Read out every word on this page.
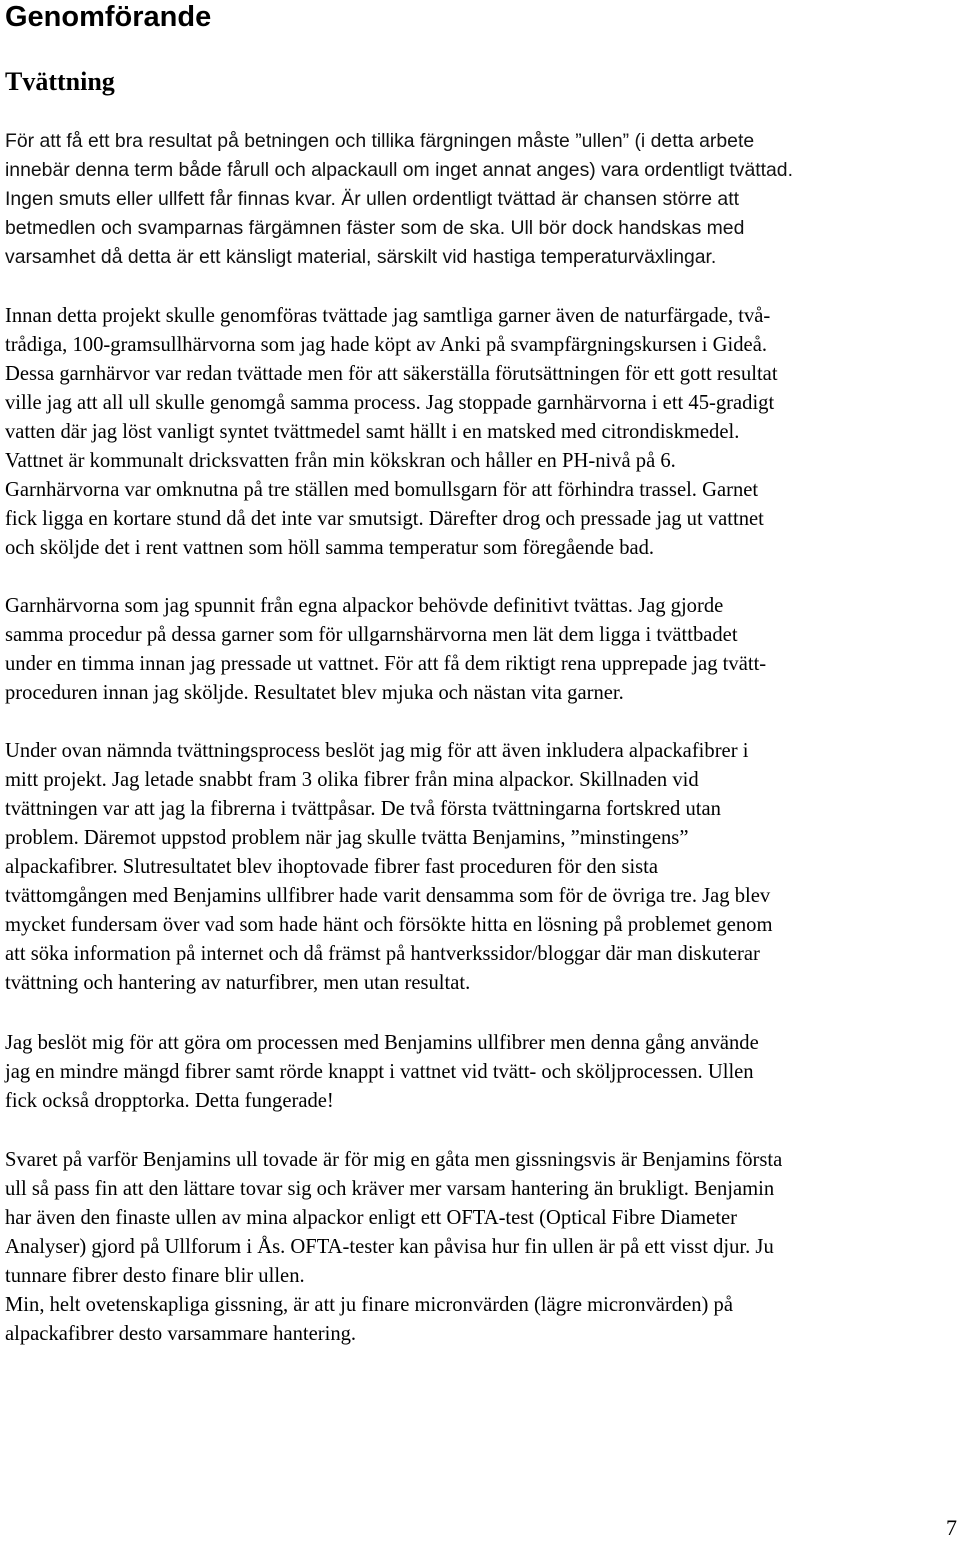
Genomförande
Tvättning

För att få ett bra resultat på betningen och tillika färgningen måste ”ullen” (i detta arbete
innebär denna term både fårull och alpackaull om inget annat anges) vara ordentligt tvättad.
Ingen smuts eller ullfett får finnas kvar. Är ullen ordentligt tvättad är chansen större att
betmedlen och svamparnas färgämnen fäster som de ska. Ull bör dock handskas med
varsamhet då detta är ett känsligt material, särskilt vid hastiga temperaturväxlingar.

Innan detta projekt skulle genomföras tvättade jag samtliga garner även de naturfärgade, två-
trådiga, 100-gramsullhärvorna som jag hade köpt av Anki på svampfärgningskursen i Gideå.
Dessa garnhärvor var redan tvättade men för att säkerställa förutsättningen för ett gott resultat
ville jag att all ull skulle genomgå samma process. Jag stoppade garnhärvorna i ett 45-gradigt
vatten där jag löst vanligt syntet tvättmedel samt hällt i en matsked med citrondiskmedel.
Vattnet är kommunalt dricksvatten från min kökskran och håller en PH-nivå på 6.
Garnhärvorna var omknutna på tre ställen med bomullsgarn för att förhindra trassel. Garnet
fick ligga en kortare stund då det inte var smutsigt. Därefter drog och pressade jag ut vattnet
och sköljde det i rent vattnen som höll samma temperatur som föregående bad.

Garnhärvorna som jag spunnit från egna alpackor behövde definitivt tvättas. Jag gjorde
samma procedur på dessa garner som för ullgarnshärvorna men lät dem ligga i tvättbadet
under en timma innan jag pressade ut vattnet. För att få dem riktigt rena upprepade jag tvätt-
proceduren innan jag sköljde. Resultatet blev mjuka och nästan vita garner.

Under ovan nämnda tvättningsprocess beslöt jag mig för att även inkludera alpackafibrer i
mitt projekt. Jag letade snabbt fram 3 olika fibrer från mina alpackor. Skillnaden vid
tvättningen var att jag la fibrerna i tvättpåsar. De två första tvättningarna fortskred utan
problem. Däremot uppstod problem när jag skulle tvätta Benjamins, ”minstingens”
alpackafibrer. Slutresultatet blev ihoptovade fibrer fast proceduren för den sista
tvättomgången med Benjamins ullfibrer hade varit densamma som för de övriga tre. Jag blev
mycket fundersam över vad som hade hänt och försökte hitta en lösning på problemet genom
att söka information på internet och då främst på hantverkssidor/bloggar där man diskuterar
tvättning och hantering av naturfibrer, men utan resultat.

Jag beslöt mig för att göra om processen med Benjamins ullfibrer men denna gång använde
jag en mindre mängd fibrer samt rörde knappt i vattnet vid tvätt- och sköljprocessen. Ullen
fick också dropptorka. Detta fungerade!

Svaret på varför Benjamins ull tovade är för mig en gåta men gissningsvis är Benjamins första
ull så pass fin att den lättare tovar sig och kräver mer varsam hantering än brukligt. Benjamin
har även den finaste ullen av mina alpackor enligt ett OFTA-test (Optical Fibre Diameter
Analyser) gjord på Ullforum i Ås. OFTA-tester kan påvisa hur fin ullen är på ett visst djur. Ju
tunnare fibrer desto finare blir ullen.
Min, helt ovetenskapliga gissning, är att ju finare micronvärden (lägre micronvärden) på
alpackafibrer desto varsammare hantering.

7
